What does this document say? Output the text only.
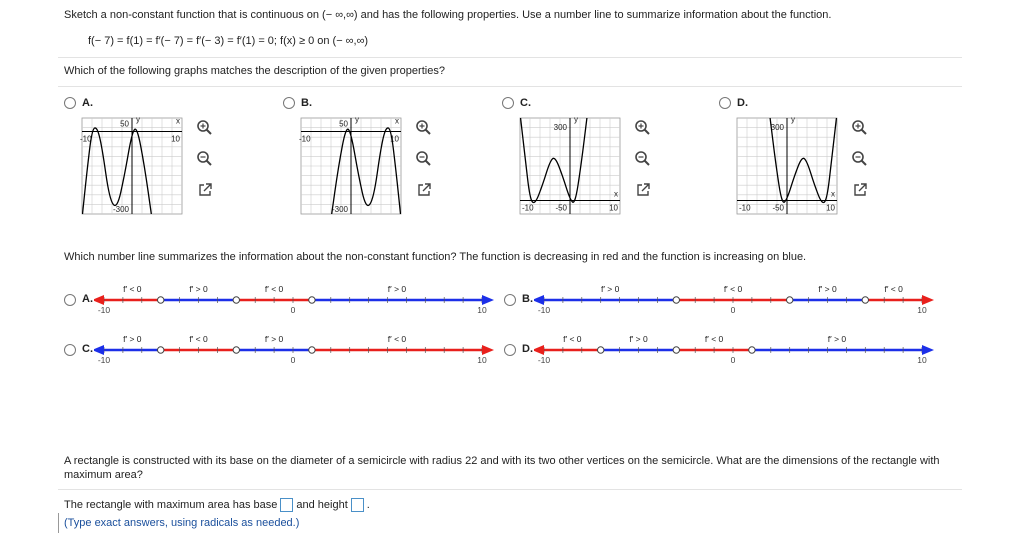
Sketch a non-constant function that is continuous on (− ∞,∞) and has the following properties. Use a number line to summarize information about the function.
f(− 7) = f(1) = f′(− 7) = f′(− 3) = f′(1) = 0; f(x) ≥ 0 on (− ∞,∞)
Which of the following graphs matches the description of the given properties?
A.
50
-300
-10	10
x
y
B.
50
-300
-10	10
x
y
C.
300
-50
-10	10
x
y
D.
300
-50
-10	10
x
y
Which number line summarizes the information about the non-constant function? The function is decreasing in red and the function is increasing on blue.
A.
f′ < 0	f′ > 0	f′ < 0	f′ > 0
-10	0	10
B.
f′ > 0	f′ < 0	f′ > 0	f′ < 0
-10	0	10
C.
f′ > 0	f′ < 0	f′ > 0	f′ < 0
-10	0	10
D.
f′ < 0	f′ > 0	f′ < 0	f′ > 0
-10	0	10
A rectangle is constructed with its base on the diameter of a semicircle with radius 22 and with its two other vertices on the semicircle. What are the dimensions of the rectangle with maximum area?
The rectangle with maximum area has base and height .
(Type exact answers, using radicals as needed.)
